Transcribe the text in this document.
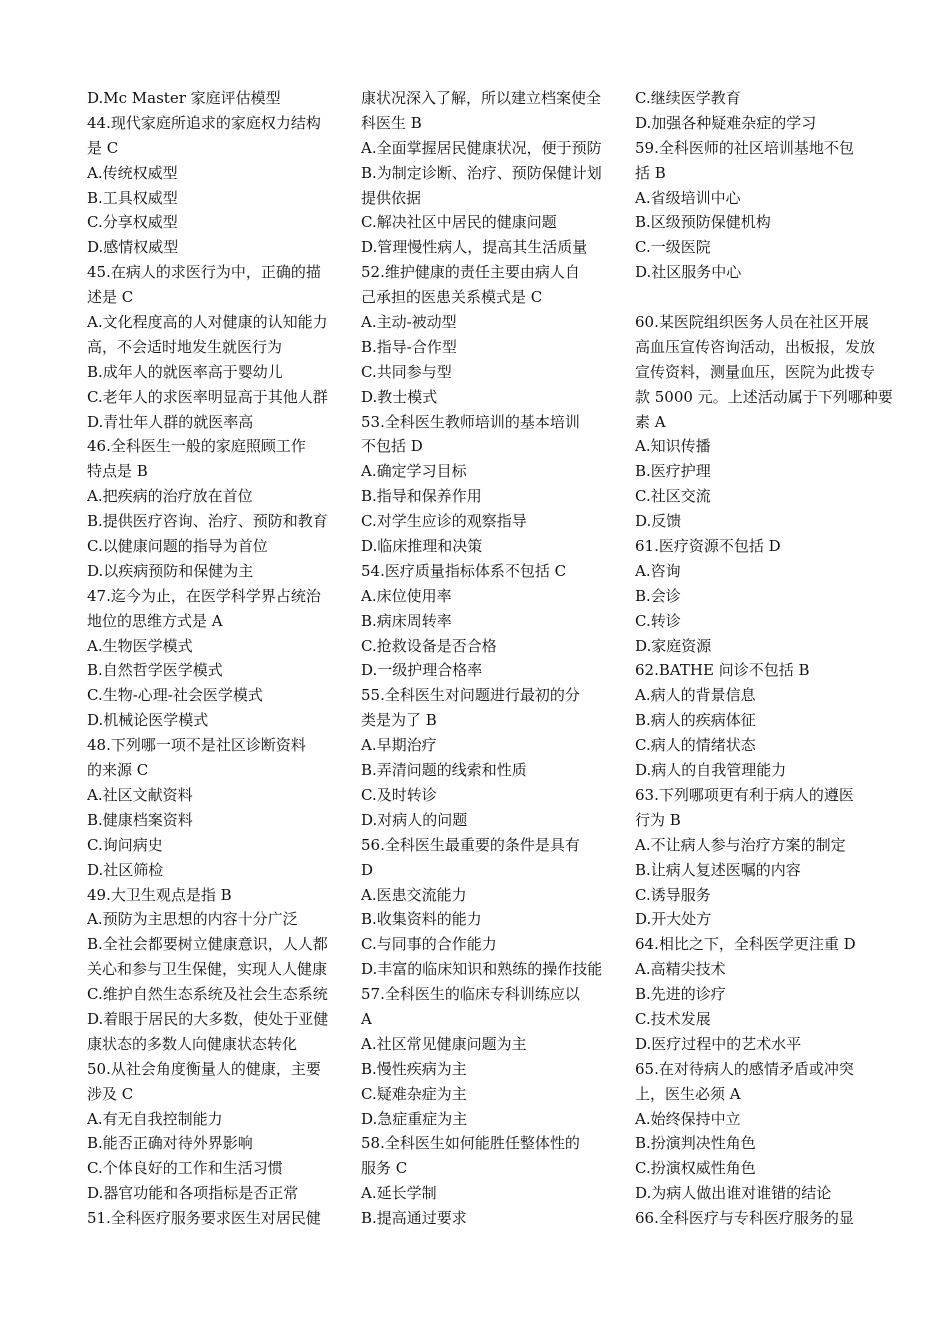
D.Mc Master 家庭评估模型
44.现代家庭所追求的家庭权力结构
是 C
A.传统权威型
B.工具权威型
C.分享权威型
D.感情权威型
45.在病人的求医行为中，正确的描
述是 C
A.文化程度高的人对健康的认知能力
高，不会适时地发生就医行为
B.成年人的就医率高于婴幼儿
C.老年人的求医率明显高于其他人群
D.青壮年人群的就医率高
46.全科医生一般的家庭照顾工作
特点是 B
A.把疾病的治疗放在首位
B.提供医疗咨询、治疗、预防和教育
C.以健康问题的指导为首位
D.以疾病预防和保健为主
47.迄今为止，在医学科学界占统治
地位的思维方式是 A
A.生物医学模式
B.自然哲学医学模式
C.生物-心理-社会医学模式
D.机械论医学模式
48.下列哪一项不是社区诊断资料
的来源 C
A.社区文献资料
B.健康档案资料
C.询问病史
D.社区筛检
49.大卫生观点是指 B
A.预防为主思想的内容十分广泛
B.全社会都要树立健康意识，人人都
关心和参与卫生保健，实现人人健康
C.维护自然生态系统及社会生态系统
D.着眼于居民的大多数，使处于亚健
康状态的多数人向健康状态转化
50.从社会角度衡量人的健康，主要
涉及 C
A.有无自我控制能力
B.能否正确对待外界影响
C.个体良好的工作和生活习惯
D.器官功能和各项指标是否正常
51.全科医疗服务要求医生对居民健
康状况深入了解，所以建立档案使全
科医生 B
A.全面掌握居民健康状况，便于预防
B.为制定诊断、治疗、预防保健计划
提供依据
C.解决社区中居民的健康问题
D.管理慢性病人，提高其生活质量
52.维护健康的责任主要由病人自
己承担的医患关系模式是 C
A.主动-被动型
B.指导-合作型
C.共同参与型
D.教士模式
53.全科医生教师培训的基本培训
不包括 D
A.确定学习目标
B.指导和保养作用
C.对学生应诊的观察指导
D.临床推理和决策
54.医疗质量指标体系不包括 C
A.床位使用率
B.病床周转率
C.抢救设备是否合格
D.一级护理合格率
55.全科医生对问题进行最初的分
类是为了 B
A.早期治疗
B.弄清问题的线索和性质
C.及时转诊
D.对病人的问题
56.全科医生最重要的条件是具有
D
A.医患交流能力
B.收集资料的能力
C.与同事的合作能力
D.丰富的临床知识和熟练的操作技能
57.全科医生的临床专科训练应以
A
A.社区常见健康问题为主
B.慢性疾病为主
C.疑难杂症为主
D.急症重症为主
58.全科医生如何能胜任整体性的
服务 C
A.延长学制
B.提高通过要求
C.继续医学教育
D.加强各种疑难杂症的学习
59.全科医师的社区培训基地不包
括 B
A.省级培训中心
B.区级预防保健机构
C.一级医院
D.社区服务中心
60.某医院组织医务人员在社区开展
高血压宣传咨询活动，出板报，发放
宣传资料，测量血压，医院为此拨专
款 5000 元。上述活动属于下列哪种要
素 A
A.知识传播
B.医疗护理
C.社区交流
D.反馈
61.医疗资源不包括 D
A.咨询
B.会诊
C.转诊
D.家庭资源
62.BATHE 问诊不包括 B
A.病人的背景信息
B.病人的疾病体征
C.病人的情绪状态
D.病人的自我管理能力
63.下列哪项更有利于病人的遵医
行为 B
A.不让病人参与治疗方案的制定
B.让病人复述医嘱的内容
C.诱导服务
D.开大处方
64.相比之下，全科医学更注重 D
A.高精尖技术
B.先进的诊疗
C.技术发展
D.医疗过程中的艺术水平
65.在对待病人的感情矛盾或冲突
上，医生必须 A
A.始终保持中立
B.扮演判决性角色
C.扮演权威性角色
D.为病人做出谁对谁错的结论
66.全科医疗与专科医疗服务的显
